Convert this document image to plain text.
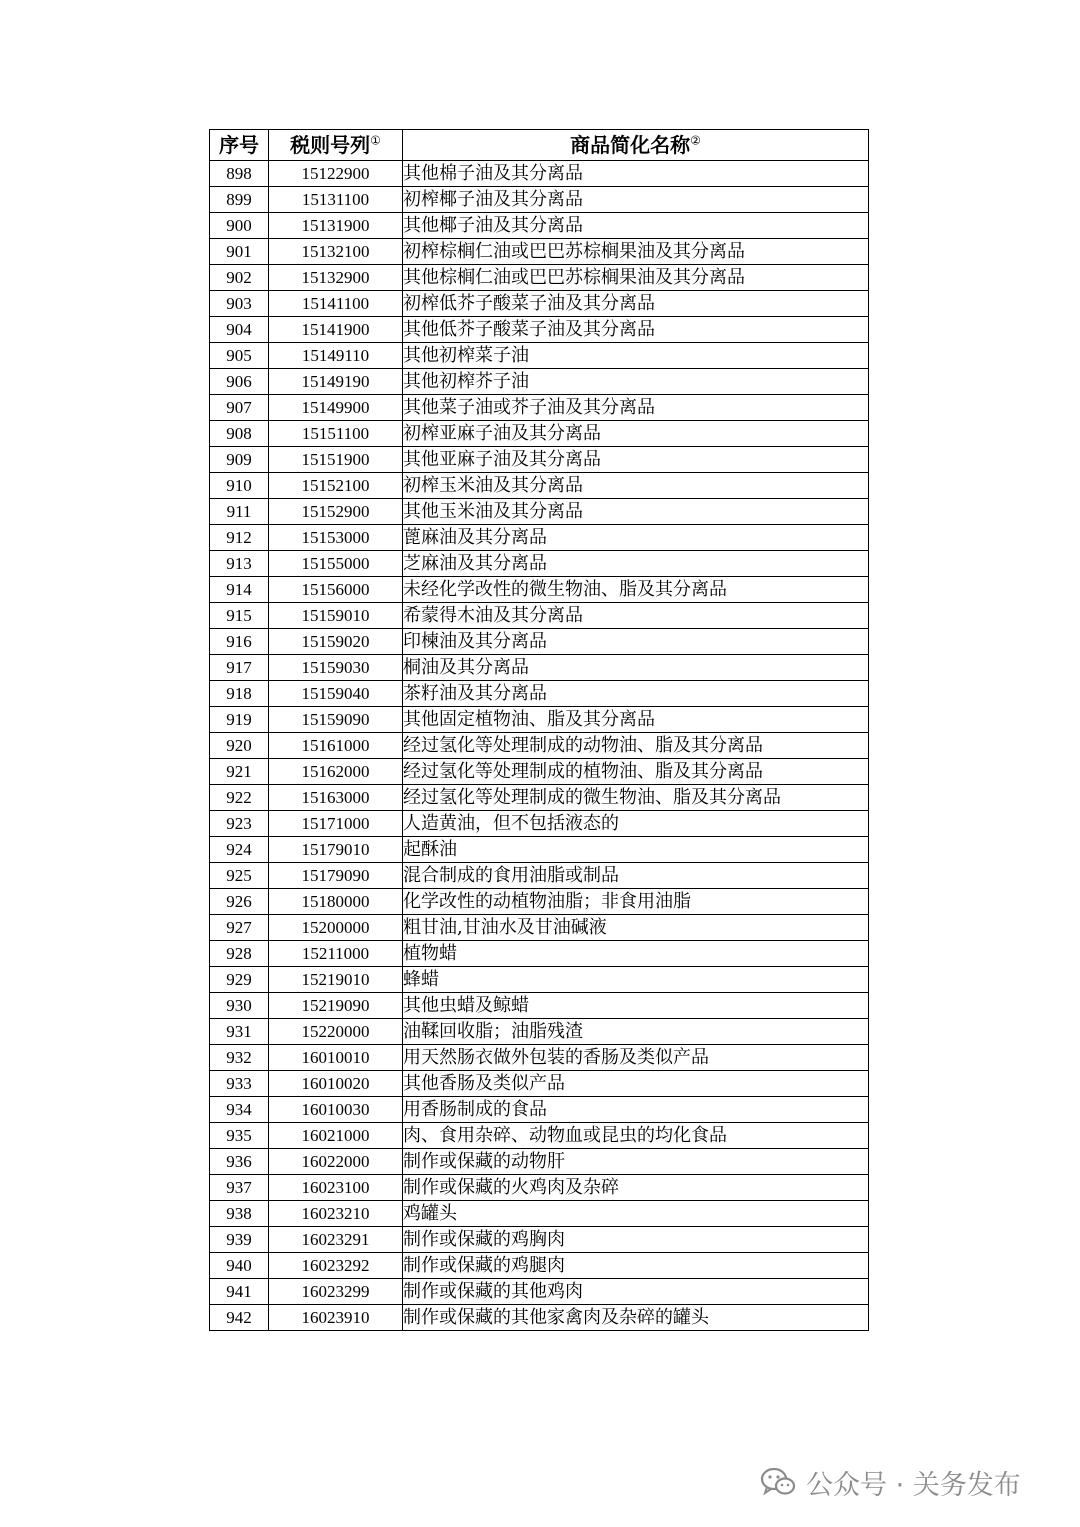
序号	税则号列①	商品简化名称②
898	15122900	其他棉子油及其分离品
899	15131100	初榨椰子油及其分离品
900	15131900	其他椰子油及其分离品
901	15132100	初榨棕榈仁油或巴巴苏棕榈果油及其分离品
902	15132900	其他棕榈仁油或巴巴苏棕榈果油及其分离品
903	15141100	初榨低芥子酸菜子油及其分离品
904	15141900	其他低芥子酸菜子油及其分离品
905	15149110	其他初榨菜子油
906	15149190	其他初榨芥子油
907	15149900	其他菜子油或芥子油及其分离品
908	15151100	初榨亚麻子油及其分离品
909	15151900	其他亚麻子油及其分离品
910	15152100	初榨玉米油及其分离品
911	15152900	其他玉米油及其分离品
912	15153000	蓖麻油及其分离品
913	15155000	芝麻油及其分离品
914	15156000	未经化学改性的微生物油、脂及其分离品
915	15159010	希蒙得木油及其分离品
916	15159020	印楝油及其分离品
917	15159030	桐油及其分离品
918	15159040	茶籽油及其分离品
919	15159090	其他固定植物油、脂及其分离品
920	15161000	经过氢化等处理制成的动物油、脂及其分离品
921	15162000	经过氢化等处理制成的植物油、脂及其分离品
922	15163000	经过氢化等处理制成的微生物油、脂及其分离品
923	15171000	人造黄油，但不包括液态的
924	15179010	起酥油
925	15179090	混合制成的食用油脂或制品
926	15180000	化学改性的动植物油脂；非食用油脂
927	15200000	粗甘油,甘油水及甘油碱液
928	15211000	植物蜡
929	15219010	蜂蜡
930	15219090	其他虫蜡及鲸蜡
931	15220000	油鞣回收脂；油脂残渣
932	16010010	用天然肠衣做外包装的香肠及类似产品
933	16010020	其他香肠及类似产品
934	16010030	用香肠制成的食品
935	16021000	肉、食用杂碎、动物血或昆虫的均化食品
936	16022000	制作或保藏的动物肝
937	16023100	制作或保藏的火鸡肉及杂碎
938	16023210	鸡罐头
939	16023291	制作或保藏的鸡胸肉
940	16023292	制作或保藏的鸡腿肉
941	16023299	制作或保藏的其他鸡肉
942	16023910	制作或保藏的其他家禽肉及杂碎的罐头
公众号 · 关务发布
